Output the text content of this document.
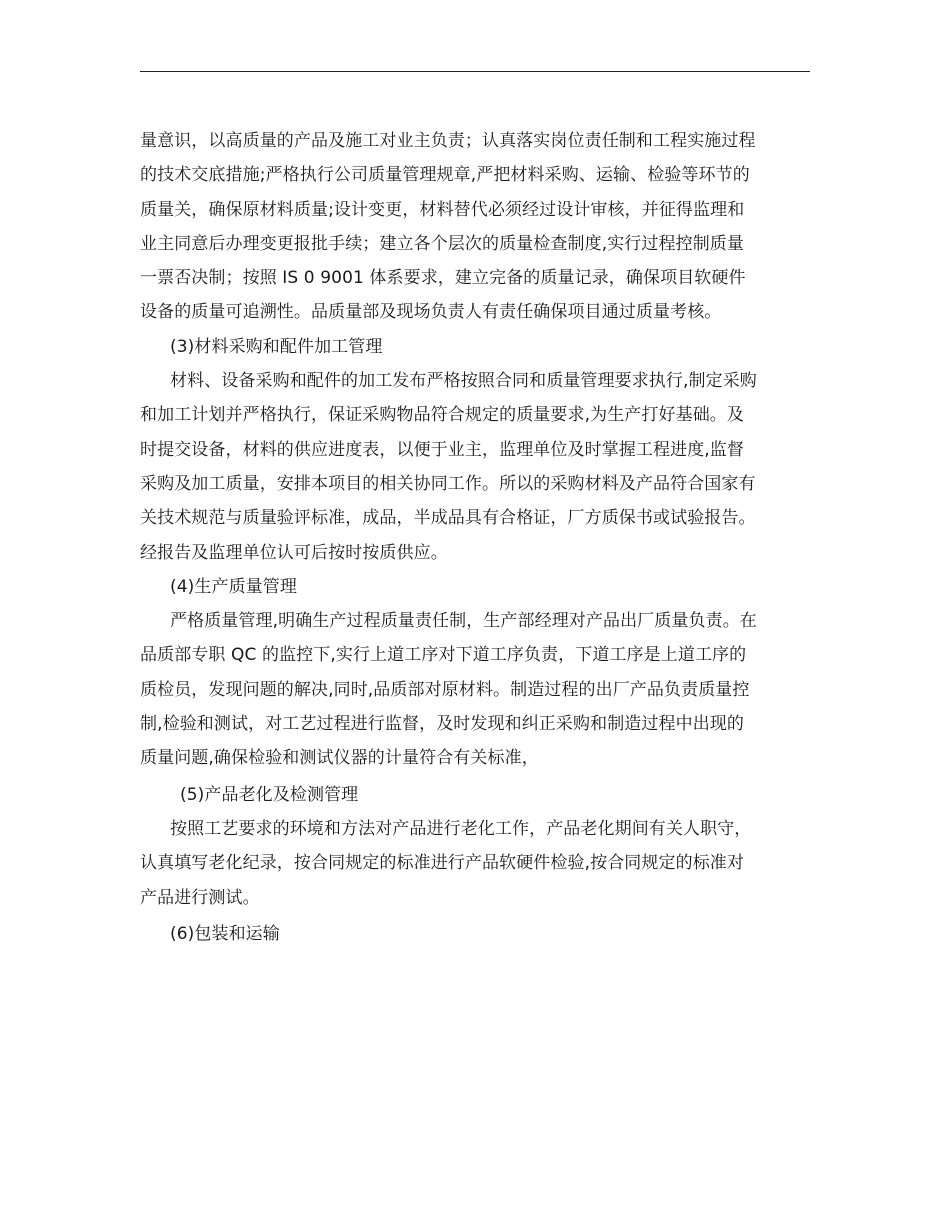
量意识，以高质量的产品及施工对业主负责；认真落实岗位责任制和工程实施过程
的技术交底措施;严格执行公司质量管理规章,严把材料采购、运输、检验等环节的
质量关，确保原材料质量;设计变更，材料替代必须经过设计审核，并征得监理和
业主同意后办理变更报批手续；建立各个层次的质量检查制度,实行过程控制质量
一票否决制；按照 IS 0 9001 体系要求，建立完备的质量记录，确保项目软硬件
设备的质量可追溯性。品质量部及现场负责人有责任确保项目通过质量考核。
(3)材料采购和配件加工管理
材料、设备采购和配件的加工发布严格按照合同和质量管理要求执行,制定采购
和加工计划并严格执行，保证采购物品符合规定的质量要求,为生产打好基础。及
时提交设备，材料的供应进度表，以便于业主，监理单位及时掌握工程进度,监督
采购及加工质量，安排本项目的相关协同工作。所以的采购材料及产品符合国家有
关技术规范与质量验评标准，成品，半成品具有合格证，厂方质保书或试验报告。
经报告及监理单位认可后按时按质供应。
(4)生产质量管理
严格质量管理,明确生产过程质量责任制，生产部经理对产品出厂质量负责。在
品质部专职 QC 的监控下,实行上道工序对下道工序负责，下道工序是上道工序的
质检员，发现问题的解决,同时,品质部对原材料。制造过程的出厂产品负责质量控
制,检验和测试，对工艺过程进行监督，及时发现和纠正采购和制造过程中出现的
质量问题,确保检验和测试仪器的计量符合有关标准，
(5)产品老化及检测管理
按照工艺要求的环境和方法对产品进行老化工作，产品老化期间有关人职守，
认真填写老化纪录，按合同规定的标准进行产品软硬件检验,按合同规定的标准对
产品进行测试。
(6)包装和运输
